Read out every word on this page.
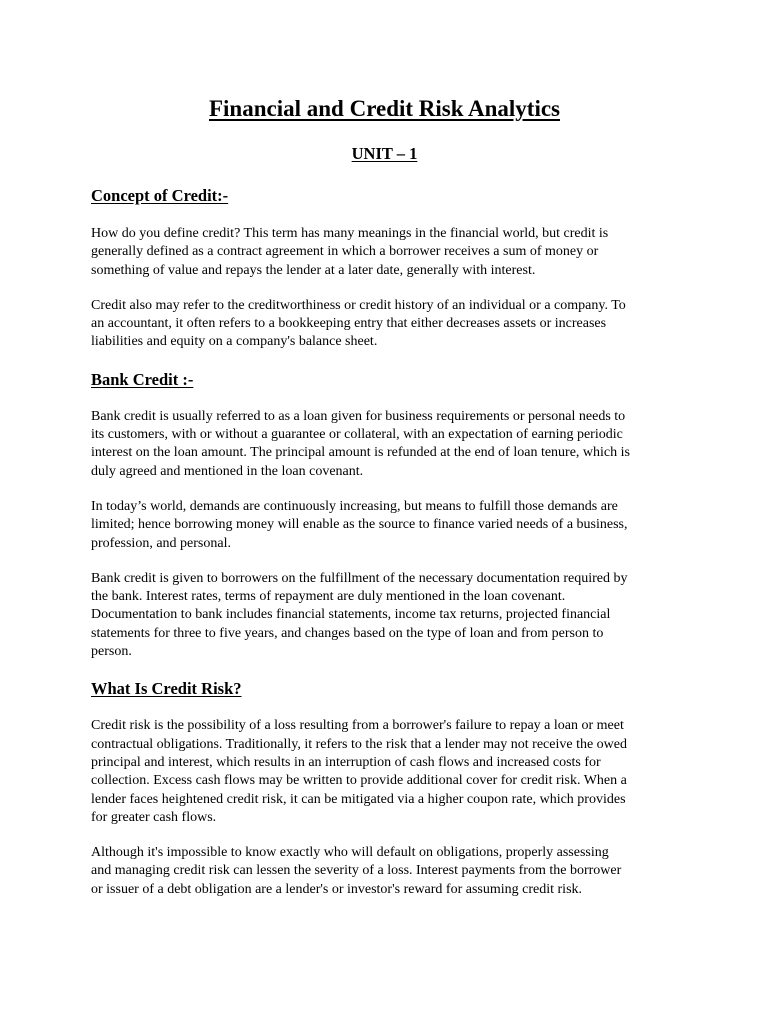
Financial and Credit Risk Analytics
UNIT – 1
Concept of Credit:-

How do you define credit? This term has many meanings in the financial world, but credit is
generally defined as a contract agreement in which a borrower receives a sum of money or
something of value and repays the lender at a later date, generally with interest.

Credit also may refer to the creditworthiness or credit history of an individual or a company. To
an accountant, it often refers to a bookkeeping entry that either decreases assets or increases
liabilities and equity on a company's balance sheet.

Bank Credit :-

Bank credit is usually referred to as a loan given for business requirements or personal needs to
its customers, with or without a guarantee or collateral, with an expectation of earning periodic
interest on the loan amount. The principal amount is refunded at the end of loan tenure, which is
duly agreed and mentioned in the loan covenant.

In today’s world, demands are continuously increasing, but means to fulfill those demands are
limited; hence borrowing money will enable as the source to finance varied needs of a business,
profession, and personal.

Bank credit is given to borrowers on the fulfillment of the necessary documentation required by
the bank. Interest rates, terms of repayment are duly mentioned in the loan covenant.
Documentation to bank includes financial statements, income tax returns, projected financial
statements for three to five years, and changes based on the type of loan and from person to
person.

What Is Credit Risk?

Credit risk is the possibility of a loss resulting from a borrower's failure to repay a loan or meet
contractual obligations. Traditionally, it refers to the risk that a lender may not receive the owed
principal and interest, which results in an interruption of cash flows and increased costs for
collection. Excess cash flows may be written to provide additional cover for credit risk. When a
lender faces heightened credit risk, it can be mitigated via a higher coupon rate, which provides
for greater cash flows.

Although it's impossible to know exactly who will default on obligations, properly assessing
and managing credit risk can lessen the severity of a loss. Interest payments from the borrower
or issuer of a debt obligation are a lender's or investor's reward for assuming credit risk.
